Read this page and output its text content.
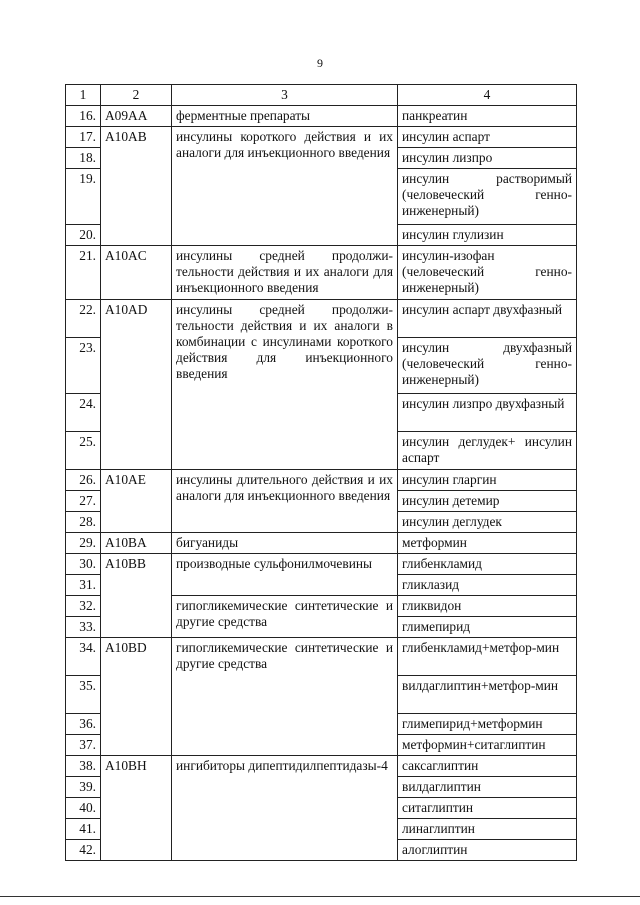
9
1	2	3	4
16.	A09AA	ферментные препараты	панкреатин
17.	A10AB	инсулины короткого действия и их аналоги для инъекционного введения	инсулин аспарт
18.			инсулин лизпро
19.			инсулин растворимый (человеческий генно-инженерный)
20.			инсулин глулизин
21.	A10AC	инсулины средней продолжи-тельности действия и их аналоги для инъекционного введения	инсулин-изофан (человеческий генно-инженерный)
22.	A10AD	инсулины средней продолжи-тельности действия и их аналоги в комбинации с инсулинами короткого действия для инъекционного введения	инсулин аспарт двухфазный
23.			инсулин двухфазный (человеческий генно-инженерный)
24.			инсулин лизпро двухфазный
25.			инсулин деглудек+ инсулин аспарт
26.	A10AE	инсулины длительного действия и их аналоги для инъекционного введения	инсулин гларгин
27.			инсулин детемир
28.			инсулин деглудек
29.	A10BA	бигуаниды	метформин
30.	A10BB	производные сульфонилмочевины	глибенкламид
31.			гликлазид
32.		гипогликемические синтетические и другие средства	гликвидон
33.			глимепирид
34.	A10BD	гипогликемические синтетические и другие средства	глибенкламид+метфор-мин
35.			вилдаглиптин+метфор-мин
36.			глимепирид+метформин
37.			метформин+ситаглиптин
38.	A10BH	ингибиторы дипептидилпептидазы-4	саксаглиптин
39.			вилдаглиптин
40.			ситаглиптин
41.			линаглиптин
42.			алоглиптин
